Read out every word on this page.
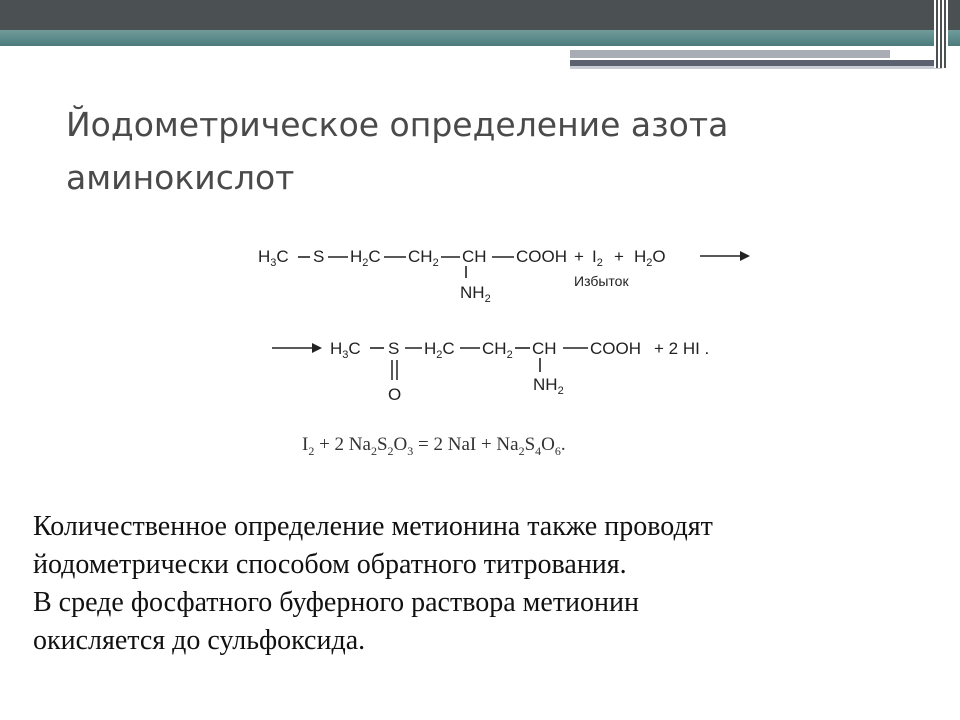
Йодометрическое определение азота аминокислот
$H_3C$ S $H_2C$ $CH_2$ CH
$NH_2$
COOH + $I_2 + H_2O$
Избыток
$H_3C$ S
O
$H_2C$ $CH_2$ CH
$NH_2$
COOH + 2 HI .
$I_2 + 2$ $Na_2S_2O_3 = 2$ NaI + $Na_2S_4O_6$.

Количественное определение метионина также проводят
йодометрически способом обратного титрования.
В среде фосфатного буферного раствора метионин
окисляется до сульфоксида.
